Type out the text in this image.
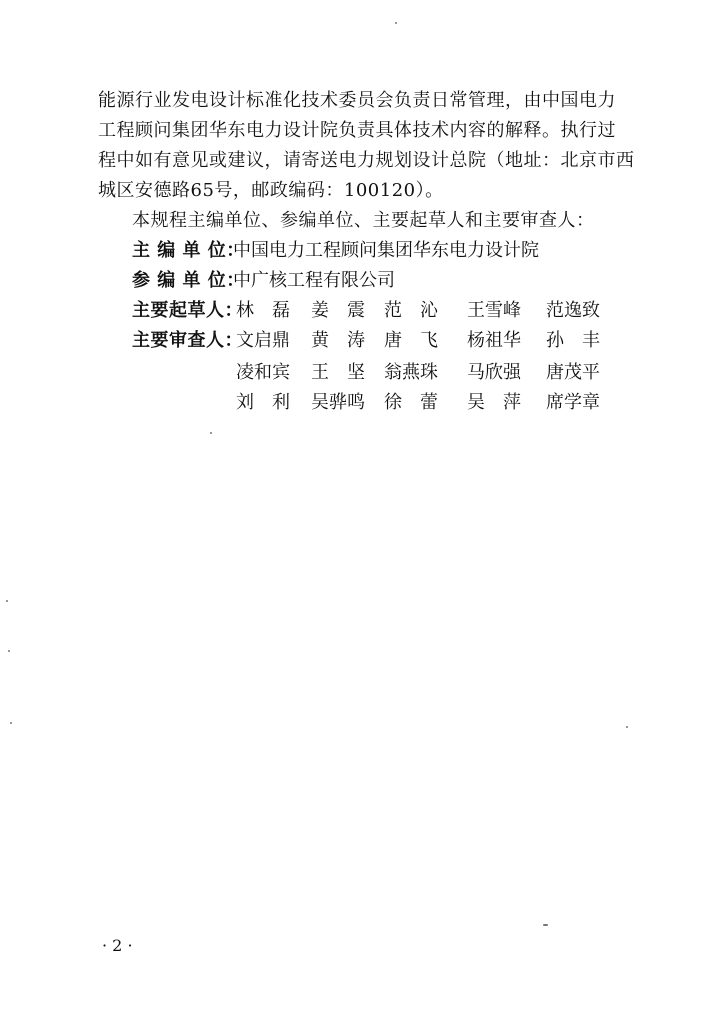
能源行业发电设计标准化技术委员会负责日常管理，由中国电力
工程顾问集团华东电力设计院负责具体技术内容的解释。执行过
程中如有意见或建议，请寄送电力规划设计总院（地址：北京市西
城区安德路65号，邮政编码：100120）。
本规程主编单位、参编单位、主要起草人和主要审查人：
主 编 单 位：
中国电力工程顾问集团华东电力设计院
参 编 单 位：
中广核工程有限公司
主要起草人：
林　磊 姜　震 范　沁 王雪峰 范逸致
主要审查人：
文启鼎 黄　涛 唐　飞 杨祖华 孙　丰
凌和宾 王　坚 翁燕珠 马欣强 唐茂平
刘　利 吴骅鸣 徐　蕾 吴　萍 席学章
· 2 ·
